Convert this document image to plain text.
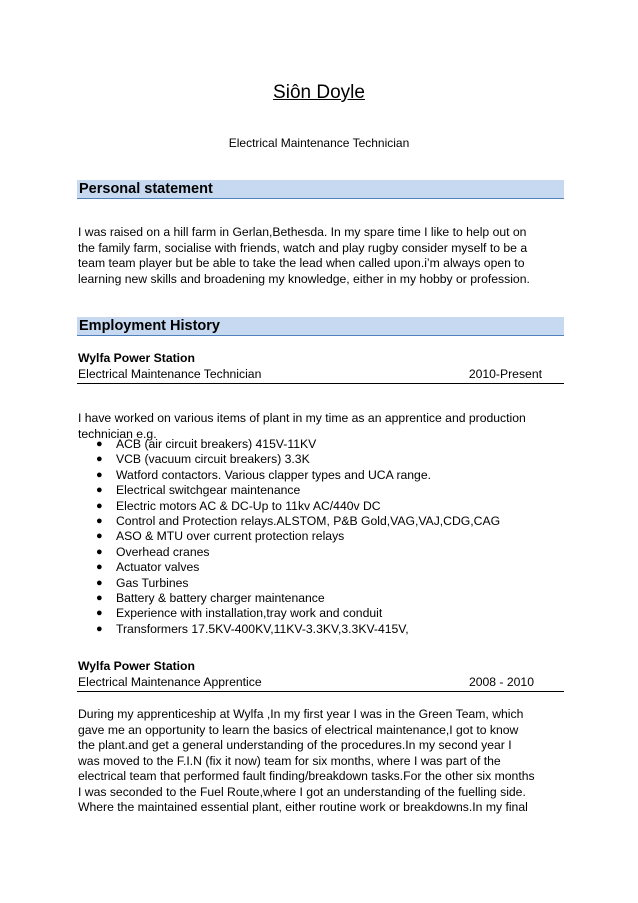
Siôn Doyle
Electrical Maintenance Technician
Personal statement
I was raised on a hill farm in Gerlan,Bethesda. In my spare time I like to help out on
the family farm, socialise with friends, watch and play rugby consider myself to be a
team team player but be able to take the lead when called upon.i’m always open to
learning new skills and broadening my knowledge, either in my hobby or profession.
Employment History
Wylfa Power Station
Electrical Maintenance Technician	2010-Present
I have worked on various items of plant in my time as an apprentice and production
technician e.g.
● ACB (air circuit breakers) 415V-11KV
● VCB (vacuum circuit breakers) 3.3K
● Watford contactors. Various clapper types and UCA range.
● Electrical switchgear maintenance
● Electric motors AC & DC-Up to 11kv AC/440v DC
● Control and Protection relays.ALSTOM, P&B Gold,VAG,VAJ,CDG,CAG
● ASO & MTU over current protection relays
● Overhead cranes
● Actuator valves
● Gas Turbines
● Battery & battery charger maintenance
● Experience with installation,tray work and conduit
● Transformers 17.5KV-400KV,11KV-3.3KV,3.3KV-415V,
Wylfa Power Station
Electrical Maintenance Apprentice	2008 - 2010
During my apprenticeship at Wylfa ,In my first year I was in the Green Team, which
gave me an opportunity to learn the basics of electrical maintenance,I got to know
the plant.and get a general understanding of the procedures.In my second year I
was moved to the F.I.N (fix it now) team for six months, where I was part of the
electrical team that performed fault finding/breakdown tasks.For the other six months
I was seconded to the Fuel Route,where I got an understanding of the fuelling side.
Where the maintained essential plant, either routine work or breakdowns.In my final
